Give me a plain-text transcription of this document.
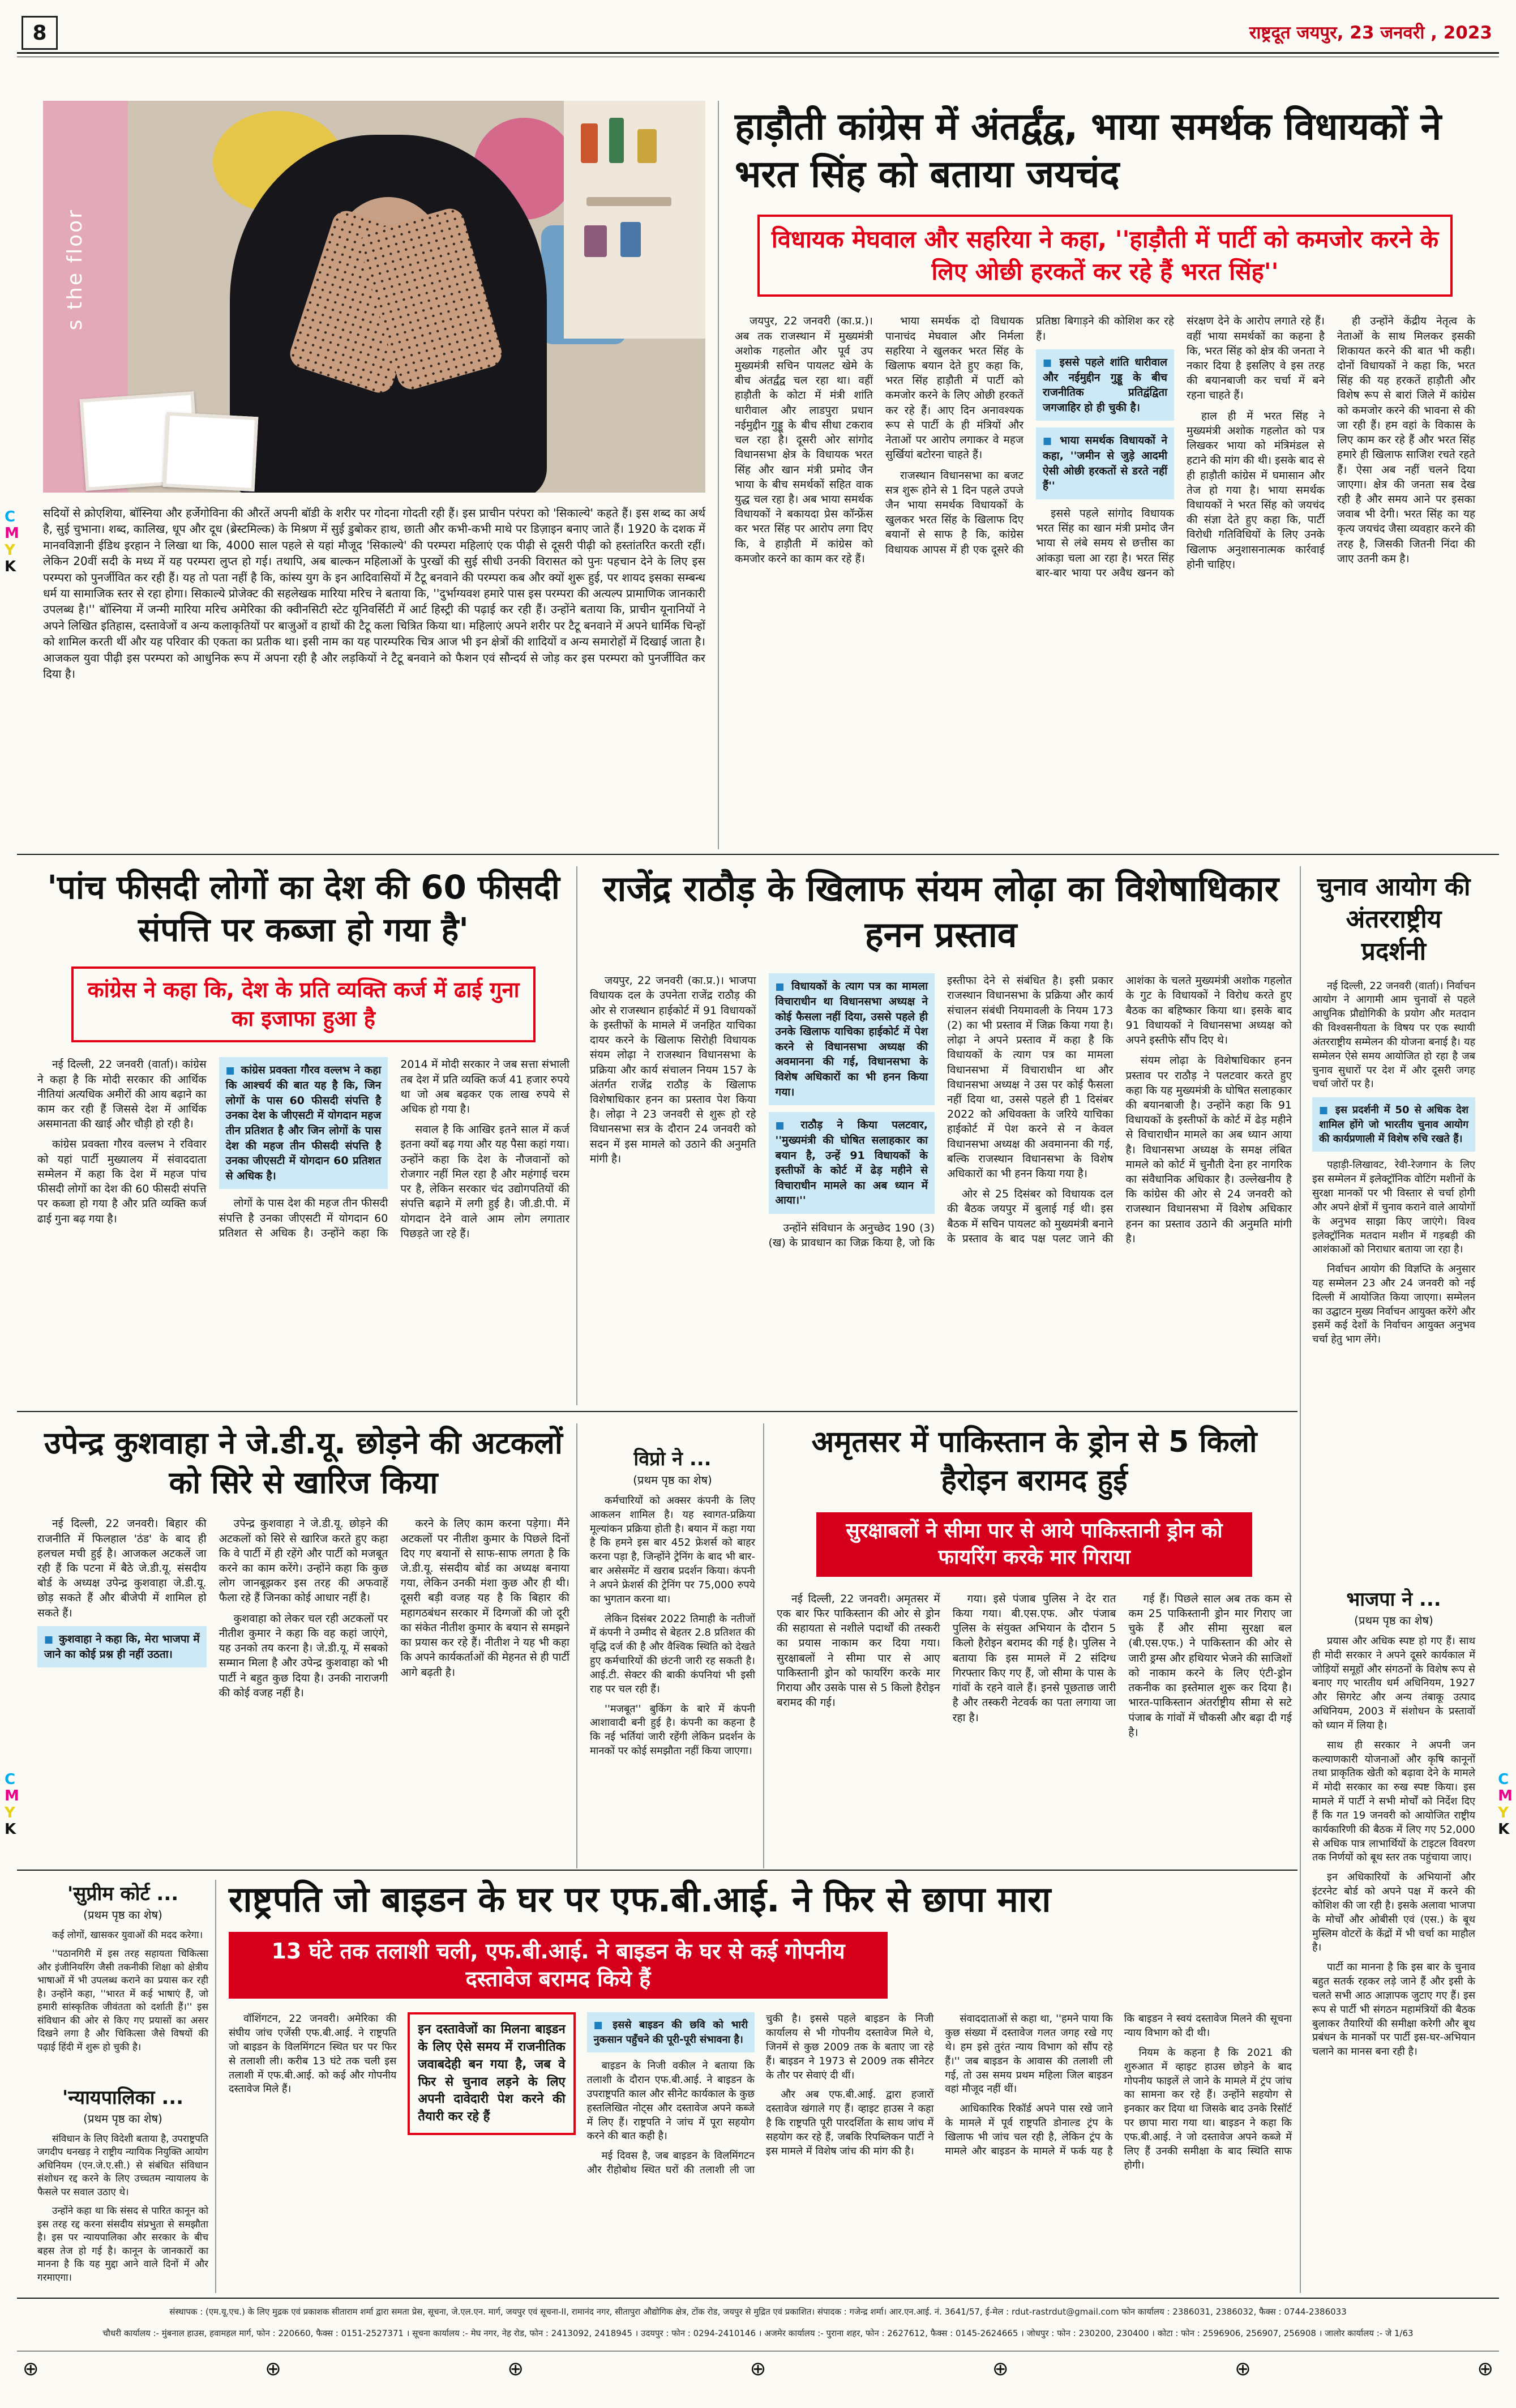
8	राष्ट्रदूत जयपुर, 23 जनवरी , 2023
s the floor
सदियों से क्रोएशिया, बॉस्निया और हर्जेगोविना की औरतें अपनी बॉडी के शरीर पर गोदना गोदती रही हैं। इस प्राचीन परंपरा को 'सिकाल्ये' कहते हैं। इस शब्द का अर्थ है, सुई चुभाना। शब्द, कालिख, धूप और दूध (ब्रेस्टमिल्क) के मिश्रण में सुई डुबोकर हाथ, छाती और कभी-कभी माथे पर डिज़ाइन बनाए जाते हैं। 1920 के दशक में मानवविज्ञानी ईडिथ इरहान ने लिखा था कि, 4000 साल पहले से यहां मौजूद 'सिकाल्ये' की परम्परा महिलाएं एक पीढ़ी से दूसरी पीढ़ी को हस्तांतरित करती रहीं। लेकिन 20वीं सदी के मध्य में यह परम्परा लुप्त हो गई। तथापि, अब बाल्कन महिलाओं के पुरखों की सुई सीधी उनकी विरासत को पुनः पहचान देने के लिए इस परम्परा को पुनर्जीवित कर रही हैं। यह तो पता नहीं है कि, कांस्य युग के इन आदिवासियों में टैटू बनवाने की परम्परा कब और क्यों शुरू हुई, पर शायद इसका सम्बन्ध धर्म या सामाजिक स्तर से रहा होगा। सिकाल्ये प्रोजेक्ट की सहलेखक मारिया मरिच ने बताया कि, ''दुर्भाग्यवश हमारे पास इस परम्परा की अत्यल्प प्रामाणिक जानकारी उपलब्ध है।'' बॉस्निया में जन्मी मारिया मरिच अमेरिका की क्वीनसिटी स्टेट यूनिवर्सिटी में आर्ट हिस्ट्री की पढ़ाई कर रही हैं। उन्होंने बताया कि, प्राचीन यूनानियों ने अपने लिखित इतिहास, दस्तावेजों व अन्य कलाकृतियों पर बाजुओं व हाथों की टैटू कला चित्रित किया था। महिलाएं अपने शरीर पर टैटू बनवाने में अपने धार्मिक चिन्हों को शामिल करती थीं और यह परिवार की एकता का प्रतीक था। इसी नाम का यह पारम्परिक चित्र आज भी इन क्षेत्रों की शादियों व अन्य समारोहों में दिखाई जाता है। आजकल युवा पीढ़ी इस परम्परा को आधुनिक रूप में अपना रही है और लड़कियों ने टैटू बनवाने को फैशन एवं सौन्दर्य से जोड़ कर इस परम्परा को पुनर्जीवित कर दिया है।
हाड़ौती कांग्रेस में अंतर्द्वंद्व, भाया समर्थक विधायकों ने भरत सिंह को बताया जयचंद
विधायक मेघवाल और सहरिया ने कहा, ''हाड़ौती में पार्टी को कमजोर करने के लिए ओछी हरकतें कर रहे हैं भरत सिंह''

जयपुर, 22 जनवरी (का.प्र.)। अब तक राजस्थान में मुख्यमंत्री अशोक गहलोत और पूर्व उप मुख्यमंत्री सचिन पायलट खेमे के बीच अंतर्द्वंद्व चल रहा था। वहीं हाड़ौती के कोटा में मंत्री शांति धारीवाल और लाडपुरा प्रधान नईमुद्दीन गुड्डू के बीच सीधा टकराव चल रहा है। दूसरी ओर सांगोद विधानसभा क्षेत्र के विधायक भरत सिंह और खान मंत्री प्रमोद जैन भाया के बीच समर्थकों सहित वाक युद्ध चल रहा है। अब भाया समर्थक विधायकों ने बकायदा प्रेस कॉन्फ्रेंस कर भरत सिंह पर आरोप लगा दिए कि, वे हाड़ौती में कांग्रेस को कमजोर करने का काम कर रहे हैं।

भाया समर्थक दो विधायक पानाचंद मेघवाल और निर्मला सहरिया ने खुलकर भरत सिंह के खिलाफ बयान देते हुए कहा कि, भरत सिंह हाड़ौती में पार्टी को कमजोर करने के लिए ओछी हरकतें कर रहे हैं। आए दिन अनावश्यक रूप से पार्टी के ही मंत्रियों और नेताओं पर आरोप लगाकर वे महज सुर्खियां बटोरना चाहते हैं।

राजस्थान विधानसभा का बजट सत्र शुरू होने से 1 दिन पहले उपजे जैन भाया समर्थक विधायकों के खुलकर भरत सिंह के खिलाफ दिए बयानों से साफ है कि, कांग्रेस विधायक आपस में ही एक दूसरे की प्रतिष्ठा बिगाड़ने की कोशिश कर रहे हैं।

■ इससे पहले शांति धारीवाल और नईमुद्दीन गुड्डू के बीच राजनीतिक प्रतिद्वंद्विता जगजाहिर हो ही चुकी है।
■ भाया समर्थक विधायकों ने कहा, ''जमीन से जुड़े आदमी ऐसी ओछी हरकतों से डरते नहीं हैं''

इससे पहले सांगोद विधायक भरत सिंह का खान मंत्री प्रमोद जैन भाया से लंबे समय से छत्तीस का आंकड़ा चला आ रहा है। भरत सिंह बार-बार भाया पर अवैध खनन को संरक्षण देने के आरोप लगाते रहे हैं। वहीं भाया समर्थकों का कहना है कि, भरत सिंह को क्षेत्र की जनता ने नकार दिया है इसलिए वे इस तरह की बयानबाजी कर चर्चा में बने रहना चाहते हैं।

हाल ही में भरत सिंह ने मुख्यमंत्री अशोक गहलोत को पत्र लिखकर भाया को मंत्रिमंडल से हटाने की मांग की थी। इसके बाद से ही हाड़ौती कांग्रेस में घमासान और तेज हो गया है। भाया समर्थक विधायकों ने भरत सिंह को जयचंद की संज्ञा देते हुए कहा कि, पार्टी विरोधी गतिविधियों के लिए उनके खिलाफ अनुशासनात्मक कार्रवाई होनी चाहिए।

ही उन्होंने केंद्रीय नेतृत्व के नेताओं के साथ मिलकर इसकी शिकायत करने की बात भी कही। दोनों विधायकों ने कहा कि, भरत सिंह की यह हरकतें हाड़ौती और विशेष रूप से बारां जिले में कांग्रेस को कमजोर करने की भावना से की जा रही हैं। हम वहां के विकास के लिए काम कर रहे हैं और भरत सिंह हमारे ही खिलाफ साजिश रचते रहते हैं। ऐसा अब नहीं चलने दिया जाएगा। क्षेत्र की जनता सब देख रही है और समय आने पर इसका जवाब भी देगी। भरत सिंह का यह कृत्य जयचंद जैसा व्यवहार करने की तरह है, जिसकी जितनी निंदा की जाए उतनी कम है।

'पांच फीसदी लोगों का देश की 60 फीसदी संपत्ति पर कब्जा हो गया है'
कांग्रेस ने कहा कि, देश के प्रति व्यक्ति कर्ज में ढाई गुना का इजाफा हुआ है

नई दिल्ली, 22 जनवरी (वार्ता)। कांग्रेस ने कहा है कि मोदी सरकार की आर्थिक नीतियां अत्यधिक अमीरों की आय बढ़ाने का काम कर रही हैं जिससे देश में आर्थिक असमानता की खाई और चौड़ी हो रही है।

कांग्रेस प्रवक्ता गौरव वल्लभ ने रविवार को यहां पार्टी मुख्यालय में संवाददाता सम्मेलन में कहा कि देश में महज पांच फीसदी लोगों का देश की 60 फीसदी संपत्ति पर कब्जा हो गया है और प्रति व्यक्ति कर्ज ढाई गुना बढ़ गया है।

■ कांग्रेस प्रवक्ता गौरव वल्लभ ने कहा कि आश्चर्य की बात यह है कि, जिन लोगों के पास 60 फीसदी संपत्ति है उनका देश के जीएसटी में योगदान महज तीन प्रतिशत है और जिन लोगों के पास देश की महज तीन फीसदी संपत्ति है उनका जीएसटी में योगदान 60 प्रतिशत से अधिक है।

लोगों के पास देश की महज तीन फीसदी संपत्ति है उनका जीएसटी में योगदान 60 प्रतिशत से अधिक है। उन्होंने कहा कि 2014 में मोदी सरकार ने जब सत्ता संभाली तब देश में प्रति व्यक्ति कर्ज 41 हजार रुपये था जो अब बढ़कर एक लाख रुपये से अधिक हो गया है।

सवाल है कि आखिर इतने साल में कर्ज इतना क्यों बढ़ गया और यह पैसा कहां गया। उन्होंने कहा कि देश के नौजवानों को रोजगार नहीं मिल रहा है और महंगाई चरम पर है, लेकिन सरकार चंद उद्योगपतियों की संपत्ति बढ़ाने में लगी हुई है। जी.डी.पी. में योगदान देने वाले आम लोग लगातार पिछड़ते जा रहे हैं।

राजेंद्र राठौड़ के खिलाफ संयम लोढ़ा का विशेषाधिकार हनन प्रस्ताव

जयपुर, 22 जनवरी (का.प्र.)। भाजपा विधायक दल के उपनेता राजेंद्र राठौड़ की ओर से राजस्थान हाईकोर्ट में 91 विधायकों के इस्तीफों के मामले में जनहित याचिका दायर करने के खिलाफ सिरोही विधायक संयम लोढ़ा ने राजस्थान विधानसभा के प्रक्रिया और कार्य संचालन नियम 157 के अंतर्गत राजेंद्र राठौड़ के खिलाफ विशेषाधिकार हनन का प्रस्ताव पेश किया है। लोढ़ा ने 23 जनवरी से शुरू हो रहे विधानसभा सत्र के दौरान 24 जनवरी को सदन में इस मामले को उठाने की अनुमति मांगी है।

■ विधायकों के त्याग पत्र का मामला विचाराधीन था विधानसभा अध्यक्ष ने कोई फैसला नहीं दिया, उससे पहले ही उनके खिलाफ याचिका हाईकोर्ट में पेश करने से विधानसभा अध्यक्ष की अवमानना की गई, विधानसभा के विशेष अधिकारों का भी हनन किया गया।
■ राठौड़ ने किया पलटवार, ''मुख्यमंत्री की घोषित सलाहकार का बयान है, उन्हें 91 विधायकों के इस्तीफों के कोर्ट में ढेड़ महीने से विचाराधीन मामले का अब ध्यान में आया।''

उन्होंने संविधान के अनुच्छेद 190 (3) (ख) के प्रावधान का जिक्र किया है, जो कि इस्तीफा देने से संबंधित है। इसी प्रकार राजस्थान विधानसभा के प्रक्रिया और कार्य संचालन संबंधी नियमावली के नियम 173 (2) का भी प्रस्ताव में जिक्र किया गया है। लोढ़ा ने अपने प्रस्ताव में कहा है कि विधायकों के त्याग पत्र का मामला विधानसभा में विचाराधीन था और विधानसभा अध्यक्ष ने उस पर कोई फैसला नहीं दिया था, उससे पहले ही 1 दिसंबर 2022 को अधिवक्ता के जरिये याचिका हाईकोर्ट में पेश करने से न केवल विधानसभा अध्यक्ष की अवमानना की गई, बल्कि राजस्थान विधानसभा के विशेष अधिकारों का भी हनन किया गया है।

ओर से 25 दिसंबर को विधायक दल की बैठक जयपुर में बुलाई गई थी। इस बैठक में सचिन पायलट को मुख्यमंत्री बनाने के प्रस्ताव के बाद पक्ष पलट जाने की आशंका के चलते मुख्यमंत्री अशोक गहलोत के गुट के विधायकों ने विरोध करते हुए बैठक का बहिष्कार किया था। इसके बाद 91 विधायकों ने विधानसभा अध्यक्ष को अपने इस्तीफे सौंप दिए थे।

संयम लोढ़ा के विशेषाधिकार हनन प्रस्ताव पर राठौड़ ने पलटवार करते हुए कहा कि यह मुख्यमंत्री के घोषित सलाहकार की बयानबाजी है। उन्होंने कहा कि 91 विधायकों के इस्तीफों के कोर्ट में ढेड़ महीने से विचाराधीन मामले का अब ध्यान आया है। विधानसभा अध्यक्ष के समक्ष लंबित मामले को कोर्ट में चुनौती देना हर नागरिक का संवैधानिक अधिकार है। उल्लेखनीय है कि कांग्रेस की ओर से 24 जनवरी को राजस्थान विधानसभा में विशेष अधिकार हनन का प्रस्ताव उठाने की अनुमति मांगी है।

चुनाव आयोग की अंतरराष्ट्रीय प्रदर्शनी

नई दिल्ली, 22 जनवरी (वार्ता)। निर्वाचन आयोग ने आगामी आम चुनावों से पहले आधुनिक प्रौद्योगिकी के प्रयोग और मतदान की विश्वसनीयता के विषय पर एक स्थायी अंतरराष्ट्रीय सम्मेलन की योजना बनाई है। यह सम्मेलन ऐसे समय आयोजित हो रहा है जब चुनाव सुधारों पर देश में और दूसरी जगह चर्चा जोरों पर है।

■ इस प्रदर्शनी में 50 से अधिक देश शामिल होंगे जो भारतीय चुनाव आयोग की कार्यप्रणाली में विशेष रुचि रखते हैं।

पहाड़ी-लिखावट, रेवी-रेजगान के लिए इस सम्मेलन में इलेक्ट्रॉनिक वोटिंग मशीनों के सुरक्षा मानकों पर भी विस्तार से चर्चा होगी और अपने क्षेत्रों में चुनाव कराने वाले आयोगों के अनुभव साझा किए जाएंगे। विश्व इलेक्ट्रॉनिक मतदान मशीन में गड़बड़ी की आशंकाओं को निराधार बताया जा रहा है।

निर्वाचन आयोग की विज्ञप्ति के अनुसार यह सम्मेलन 23 और 24 जनवरी को नई दिल्ली में आयोजित किया जाएगा। सम्मेलन का उद्घाटन मुख्य निर्वाचन आयुक्त करेंगे और इसमें कई देशों के निर्वाचन आयुक्त अनुभव चर्चा हेतु भाग लेंगे।

भाजपा ने ...
(प्रथम पृष्ठ का शेष)

प्रयास और अधिक स्पष्ट हो गए हैं। साथ ही मोदी सरकार ने अपने दूसरे कार्यकाल में जोड़ियों समूहों और संगठनों के विशेष रूप से बनाए गए भारतीय धर्म अधिनियम, 1927 और सिगरेट और अन्य तंबाकू उत्पाद अधिनियम, 2003 में संशोधन के प्रस्तावों को ध्यान में लिया है।

साथ ही सरकार ने अपनी जन कल्याणकारी योजनाओं और कृषि कानूनों तथा प्राकृतिक खेती को बढ़ावा देने के मामले में मोदी सरकार का रुख स्पष्ट किया। इस मामले में पार्टी ने सभी मोर्चों को निर्देश दिए हैं कि गत 19 जनवरी को आयोजित राष्ट्रीय कार्यकारिणी की बैठक में लिए गए 52,000 से अधिक पात्र लाभार्थियों के टाइटल विवरण तक निर्णयों को बूथ स्तर तक पहुंचाया जाए।

इन अधिकारियों के अभियानों और इंटरनेट बोर्ड को अपने पक्ष में करने की कोशिश की जा रही है। इसके अलावा भाजपा के मोर्चों और ओबीसी एवं (एस.) के बूथ मुस्लिम वोटरों के केंद्रों में भी चर्चा का माहौल है।

पार्टी का मानना है कि इस बार के चुनाव बहुत सतर्क रहकर लड़े जाने हैं और इसी के चलते सभी आठ आज्ञापक जुटाए गए हैं। इस रूप से पार्टी भी संगठन महामंत्रियों की बैठक बुलाकर तैयारियों की समीक्षा करेगी और बूथ प्रबंधन के मानकों पर पार्टी इस-घर-अभियान चलाने का मानस बना रही है।

उपेन्द्र कुशवाहा ने जे.डी.यू. छोड़ने की अटकलों को सिरे से खारिज किया

नई दिल्ली, 22 जनवरी। बिहार की राजनीति में फिलहाल 'ठंड' के बाद ही हलचल मची हुई है। आजकल अटकलें जा रही हैं कि पटना में बैठे जे.डी.यू. संसदीय बोर्ड के अध्यक्ष उपेन्द्र कुशवाहा जे.डी.यू. छोड़ सकते हैं और बीजेपी में शामिल हो सकते हैं।

■ कुशवाहा ने कहा कि, मेरा भाजपा में जाने का कोई प्रश्न ही नहीं उठता।

उपेन्द्र कुशवाहा ने जे.डी.यू. छोड़ने की अटकलों को सिरे से खारिज करते हुए कहा कि वे पार्टी में ही रहेंगे और पार्टी को मजबूत करने का काम करेंगे। उन्होंने कहा कि कुछ लोग जानबूझकर इस तरह की अफवाहें फैला रहे हैं जिनका कोई आधार नहीं है।

कुशवाहा को लेकर चल रही अटकलों पर नीतीश कुमार ने कहा कि वह कहां जाएंगे, यह उनको तय करना है। जे.डी.यू. में सबको सम्मान मिला है और उपेन्द्र कुशवाहा को भी पार्टी ने बहुत कुछ दिया है। उनकी नाराजगी की कोई वजह नहीं है।

करने के लिए काम करना पड़ेगा। मैंने अटकलों पर नीतीश कुमार के पिछले दिनों दिए गए बयानों से साफ-साफ लगता है कि जे.डी.यू. संसदीय बोर्ड का अध्यक्ष बनाया गया, लेकिन उनकी मंशा कुछ और ही थी। दूसरी बड़ी वजह यह है कि बिहार की महागठबंधन सरकार में दिग्गजों की जो दूरी का संकेत नीतीश कुमार के बयान से समझने का प्रयास कर रहे हैं। नीतीश ने यह भी कहा कि अपने कार्यकर्ताओं की मेहनत से ही पार्टी आगे बढ़ती है।

विप्रो ने ...
(प्रथम पृष्ठ का शेष)

कर्मचारियों को अक्सर कंपनी के लिए आकलन शामिल है। यह स्वागत-प्रक्रिया मूल्यांकन प्रक्रिया होती है। बयान में कहा गया है कि हमने इस बार 452 फ्रेशर्स को बाहर करना पड़ा है, जिन्होंने ट्रेनिंग के बाद भी बार-बार असेसमेंट में खराब प्रदर्शन किया। कंपनी ने अपने फ्रेशर्स की ट्रेनिंग पर 75,000 रुपये का भुगतान करना था।

लेकिन दिसंबर 2022 तिमाही के नतीजों में कंपनी ने उम्मीद से बेहतर 2.8 प्रतिशत की वृद्धि दर्ज की है और वैश्विक स्थिति को देखते हुए कर्मचारियों की छंटनी जारी रह सकती है। आई.टी. सेक्टर की बाकी कंपनियां भी इसी राह पर चल रही हैं।

''मजबूत'' बुकिंग के बारे में कंपनी आशावादी बनी हुई है। कंपनी का कहना है कि नई भर्तियां जारी रहेंगी लेकिन प्रदर्शन के मानकों पर कोई समझौता नहीं किया जाएगा।

अमृतसर में पाकिस्तान के ड्रोन से 5 किलो हैरोइन बरामद हुई
सुरक्षाबलों ने सीमा पार से आये पाकिस्तानी ड्रोन को फायरिंग करके मार गिराया

नई दिल्ली, 22 जनवरी। अमृतसर में एक बार फिर पाकिस्तान की ओर से ड्रोन की सहायता से नशीले पदार्थों की तस्करी का प्रयास नाकाम कर दिया गया। सुरक्षाबलों ने सीमा पार से आए पाकिस्तानी ड्रोन को फायरिंग करके मार गिराया और उसके पास से 5 किलो हैरोइन बरामद की गई।

गया। इसे पंजाब पुलिस ने देर रात किया गया। बी.एस.एफ. और पंजाब पुलिस के संयुक्त अभियान के दौरान 5 किलो हैरोइन बरामद की गई है। पुलिस ने बताया कि इस मामले में 2 संदिग्ध गिरफ्तार किए गए हैं, जो सीमा के पास के गांवों के रहने वाले हैं। इनसे पूछताछ जारी है और तस्करी नेटवर्क का पता लगाया जा रहा है।

गई हैं। पिछले साल अब तक कम से कम 25 पाकिस्तानी ड्रोन मार गिराए जा चुके हैं और सीमा सुरक्षा बल (बी.एस.एफ.) ने पाकिस्तान की ओर से जारी ड्रग्स और हथियार भेजने की साजिशों को नाकाम करने के लिए एंटी-ड्रोन तकनीक का इस्तेमाल शुरू कर दिया है। भारत-पाकिस्तान अंतर्राष्ट्रीय सीमा से सटे पंजाब के गांवों में चौकसी और बढ़ा दी गई है।

'सुप्रीम कोर्ट ...
(प्रथम पृष्ठ का शेष)

कई लोगों, खासकर युवाओं की मदद करेगा।

''पठानगिरी में इस तरह सहायता चिकित्सा और इंजीनियरिंग जैसी तकनीकी शिक्षा को क्षेत्रीय भाषाओं में भी उपलब्ध कराने का प्रयास कर रही है। उन्होंने कहा, ''भारत में कई भाषाएं हैं, जो हमारी सांस्कृतिक जीवंतता को दर्शाती हैं।'' इस संविधान की ओर से किए गए प्रयासों का असर दिखने लगा है और चिकित्सा जैसे विषयों की पढ़ाई हिंदी में शुरू हो चुकी है।

'न्यायपालिका ...
(प्रथम पृष्ठ का शेष)

संविधान के लिए विदेशी बताया है, उपराष्ट्रपति जगदीप धनखड़ ने राष्ट्रीय न्यायिक नियुक्ति आयोग अधिनियम (एन.जे.ए.सी.) से संबंधित संविधान संशोधन रद्द करने के लिए उच्चतम न्यायालय के फैसले पर सवाल उठाए थे।

उन्होंने कहा था कि संसद से पारित कानून को इस तरह रद्द करना संसदीय संप्रभुता से समझौता है। इस पर न्यायपालिका और सरकार के बीच बहस तेज हो गई है। कानून के जानकारों का मानना है कि यह मुद्दा आने वाले दिनों में और गरमाएगा।

राष्ट्रपति जो बाइडन के घर पर एफ.बी.आई. ने फिर से छापा मारा
13 घंटे तक तलाशी चली, एफ.बी.आई. ने बाइडन के घर से कई गोपनीय दस्तावेज बरामद किये हैं

वॉशिंगटन, 22 जनवरी। अमेरिका की संघीय जांच एजेंसी एफ.बी.आई. ने राष्ट्रपति जो बाइडन के विलमिंगटन स्थित घर पर फिर से तलाशी ली। करीब 13 घंटे तक चली इस तलाशी में एफ.बी.आई. को कई और गोपनीय दस्तावेज मिले हैं।

इन दस्तावेजों का मिलना बाइडन के लिए ऐसे समय में राजनीतिक जवाबदेही बन गया है, जब वे फिर से चुनाव लड़ने के लिए अपनी दावेदारी पेश करने की तैयारी कर रहे हैं
■ इससे बाइडन की छवि को भारी नुकसान पहुँचने की पूरी-पूरी संभावना है।

बाइडन के निजी वकील ने बताया कि तलाशी के दौरान एफ.बी.आई. ने बाइडन के उपराष्ट्रपति काल और सीनेट कार्यकाल के कुछ हस्तलिखित नोट्स और दस्तावेज अपने कब्जे में लिए हैं। राष्ट्रपति ने जांच में पूरा सहयोग करने की बात कही है।

मई दिवस है, जब बाइडन के विलमिंगटन और रीहोबोथ स्थित घरों की तलाशी ली जा चुकी है। इससे पहले बाइडन के निजी कार्यालय से भी गोपनीय दस्तावेज मिले थे, जिनमें से कुछ 2009 तक के बताए जा रहे हैं। बाइडन ने 1973 से 2009 तक सीनेटर के तौर पर सेवाएं दी थीं।

और अब एफ.बी.आई. द्वारा हजारों दस्तावेज खंगाले गए हैं। व्हाइट हाउस ने कहा है कि राष्ट्रपति पूरी पारदर्शिता के साथ जांच में सहयोग कर रहे हैं, जबकि रिपब्लिकन पार्टी ने इस मामले में विशेष जांच की मांग की है।

संवाददाताओं से कहा था, ''हमने पाया कि कुछ संख्या में दस्तावेज गलत जगह रखे गए थे। हम इसे तुरंत न्याय विभाग को सौंप रहे हैं।'' जब बाइडन के आवास की तलाशी ली गई, तो उस समय प्रथम महिला जिल बाइडन वहां मौजूद नहीं थीं।

आधिकारिक रिकॉर्ड अपने पास रखे जाने के मामले में पूर्व राष्ट्रपति डोनाल्ड ट्रंप के खिलाफ भी जांच चल रही है, लेकिन ट्रंप के मामले और बाइडन के मामले में फर्क यह है कि बाइडन ने स्वयं दस्तावेज मिलने की सूचना न्याय विभाग को दी थी।

नियम के कहना है कि 2021 की शुरुआत में व्हाइट हाउस छोड़ने के बाद गोपनीय फाइलें ले जाने के मामले में ट्रंप जांच का सामना कर रहे हैं। उन्होंने सहयोग से इनकार कर दिया था जिसके बाद उनके रिसॉर्ट पर छापा मारा गया था। बाइडन ने कहा कि एफ.बी.आई. ने जो दस्तावेज अपने कब्जे में लिए हैं उनकी समीक्षा के बाद स्थिति साफ होगी।

संस्थापक : (एम.यू.एच.) के लिए मुद्रक एवं प्रकाशक सीताराम शर्मा द्वारा समता प्रेस, सूचना, जे.एल.एन. मार्ग, जयपुर एवं सूचना-II, रामानंद नगर, सीतापुरा औद्योगिक क्षेत्र, टोंक रोड, जयपुर से मुद्रित एवं प्रकाशित। संपादक : गजेन्द्र शर्मा। आर.एन.आई. नं. 3641/57, ई-मेल : rdut-rastrdut@gmail.com फोन कार्यालय : 2386031, 2386032, फैक्स : 0744-2386033
चौधरी कार्यालय :- मुंबनाल हाउस, हवामहल मार्ग, फोन : 220660, फैक्स : 0151-2527371 । सूचना कार्यालय :- मेघ नगर, नेह रोड, फोन : 2413092, 2418945 । उदयपुर : फोन : 0294-2410146 । अजमेर कार्यालय :- पुराना शहर, फोन : 2627612, फैक्स : 0145-2624665 । जोधपुर : फोन : 230200, 230400 । कोटा : फोन : 2596906, 256907, 256908 । जालोर कार्यालय :- जे 1/63
⊕	⊕	⊕	⊕	⊕	⊕	⊕
C
M
Y
K
C
M
Y
K
C
M
Y
K
